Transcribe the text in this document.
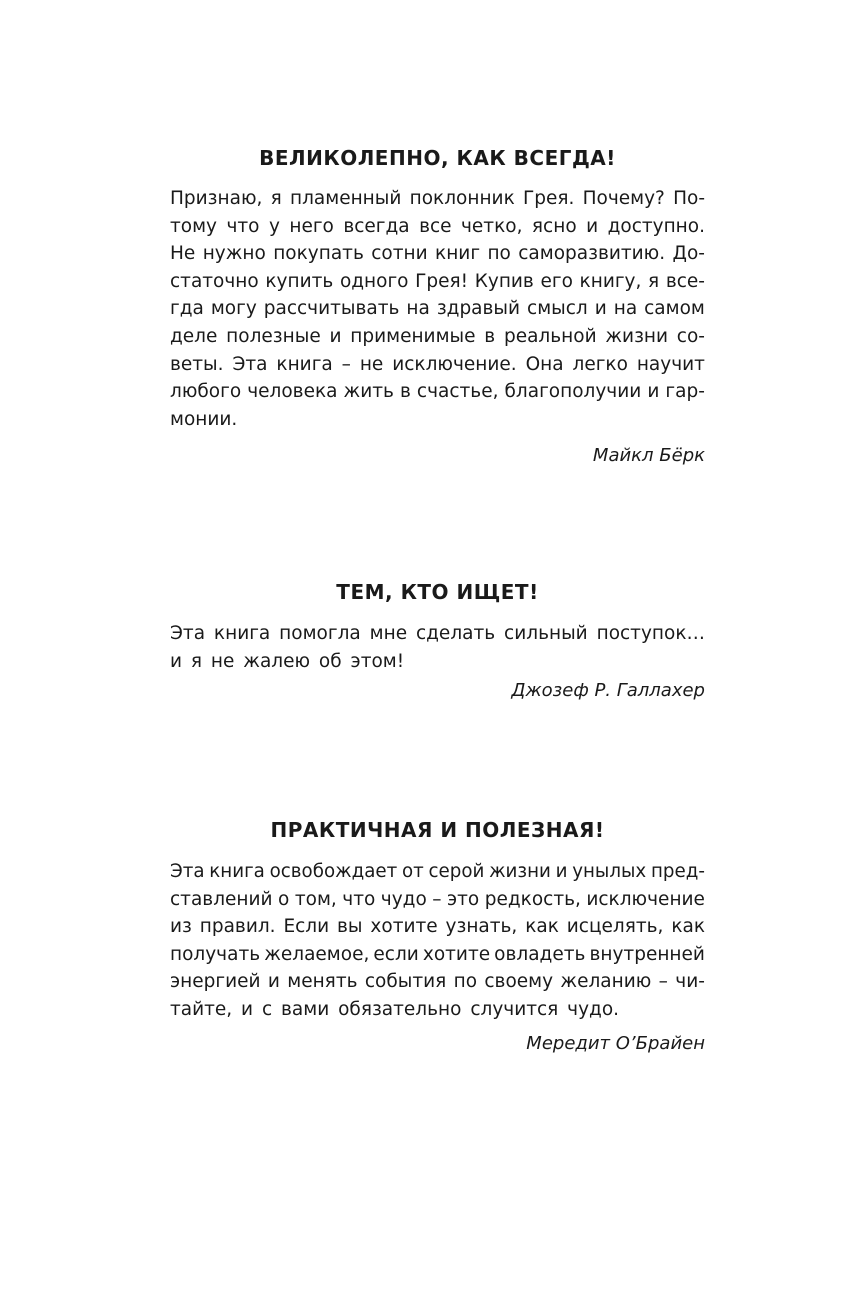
ВЕЛИКОЛЕПНО, КАК ВСЕГДА!
Признаю, я пламенный поклонник Грея. Почему? По-
тому что у него всегда все четко, ясно и доступно.
Не нужно покупать сотни книг по саморазвитию. До-
статочно купить одного Грея! Купив его книгу, я все-
гда могу рассчитывать на здравый смысл и на самом
деле полезные и применимые в реальной жизни со-
веты. Эта книга – не исключение. Она легко научит
любого человека жить в счастье, благополучии и гар-
монии.

Майкл Бёрк

ТЕМ, КТО ИЩЕТ!
Эта книга помогла мне сделать сильный поступок…
и я не жалею об этом!

Джозеф Р. Галлахер

ПРАКТИЧНАЯ И ПОЛЕЗНАЯ!
Эта книга освобождает от серой жизни и унылых пред-
ставлений о том, что чудо – это редкость, исключение
из правил. Если вы хотите узнать, как исцелять, как
получать желаемое, если хотите овладеть внутренней
энергией и менять события по своему желанию – чи-
тайте, и с вами обязательно случится чудо.

Мередит О’Брайен
